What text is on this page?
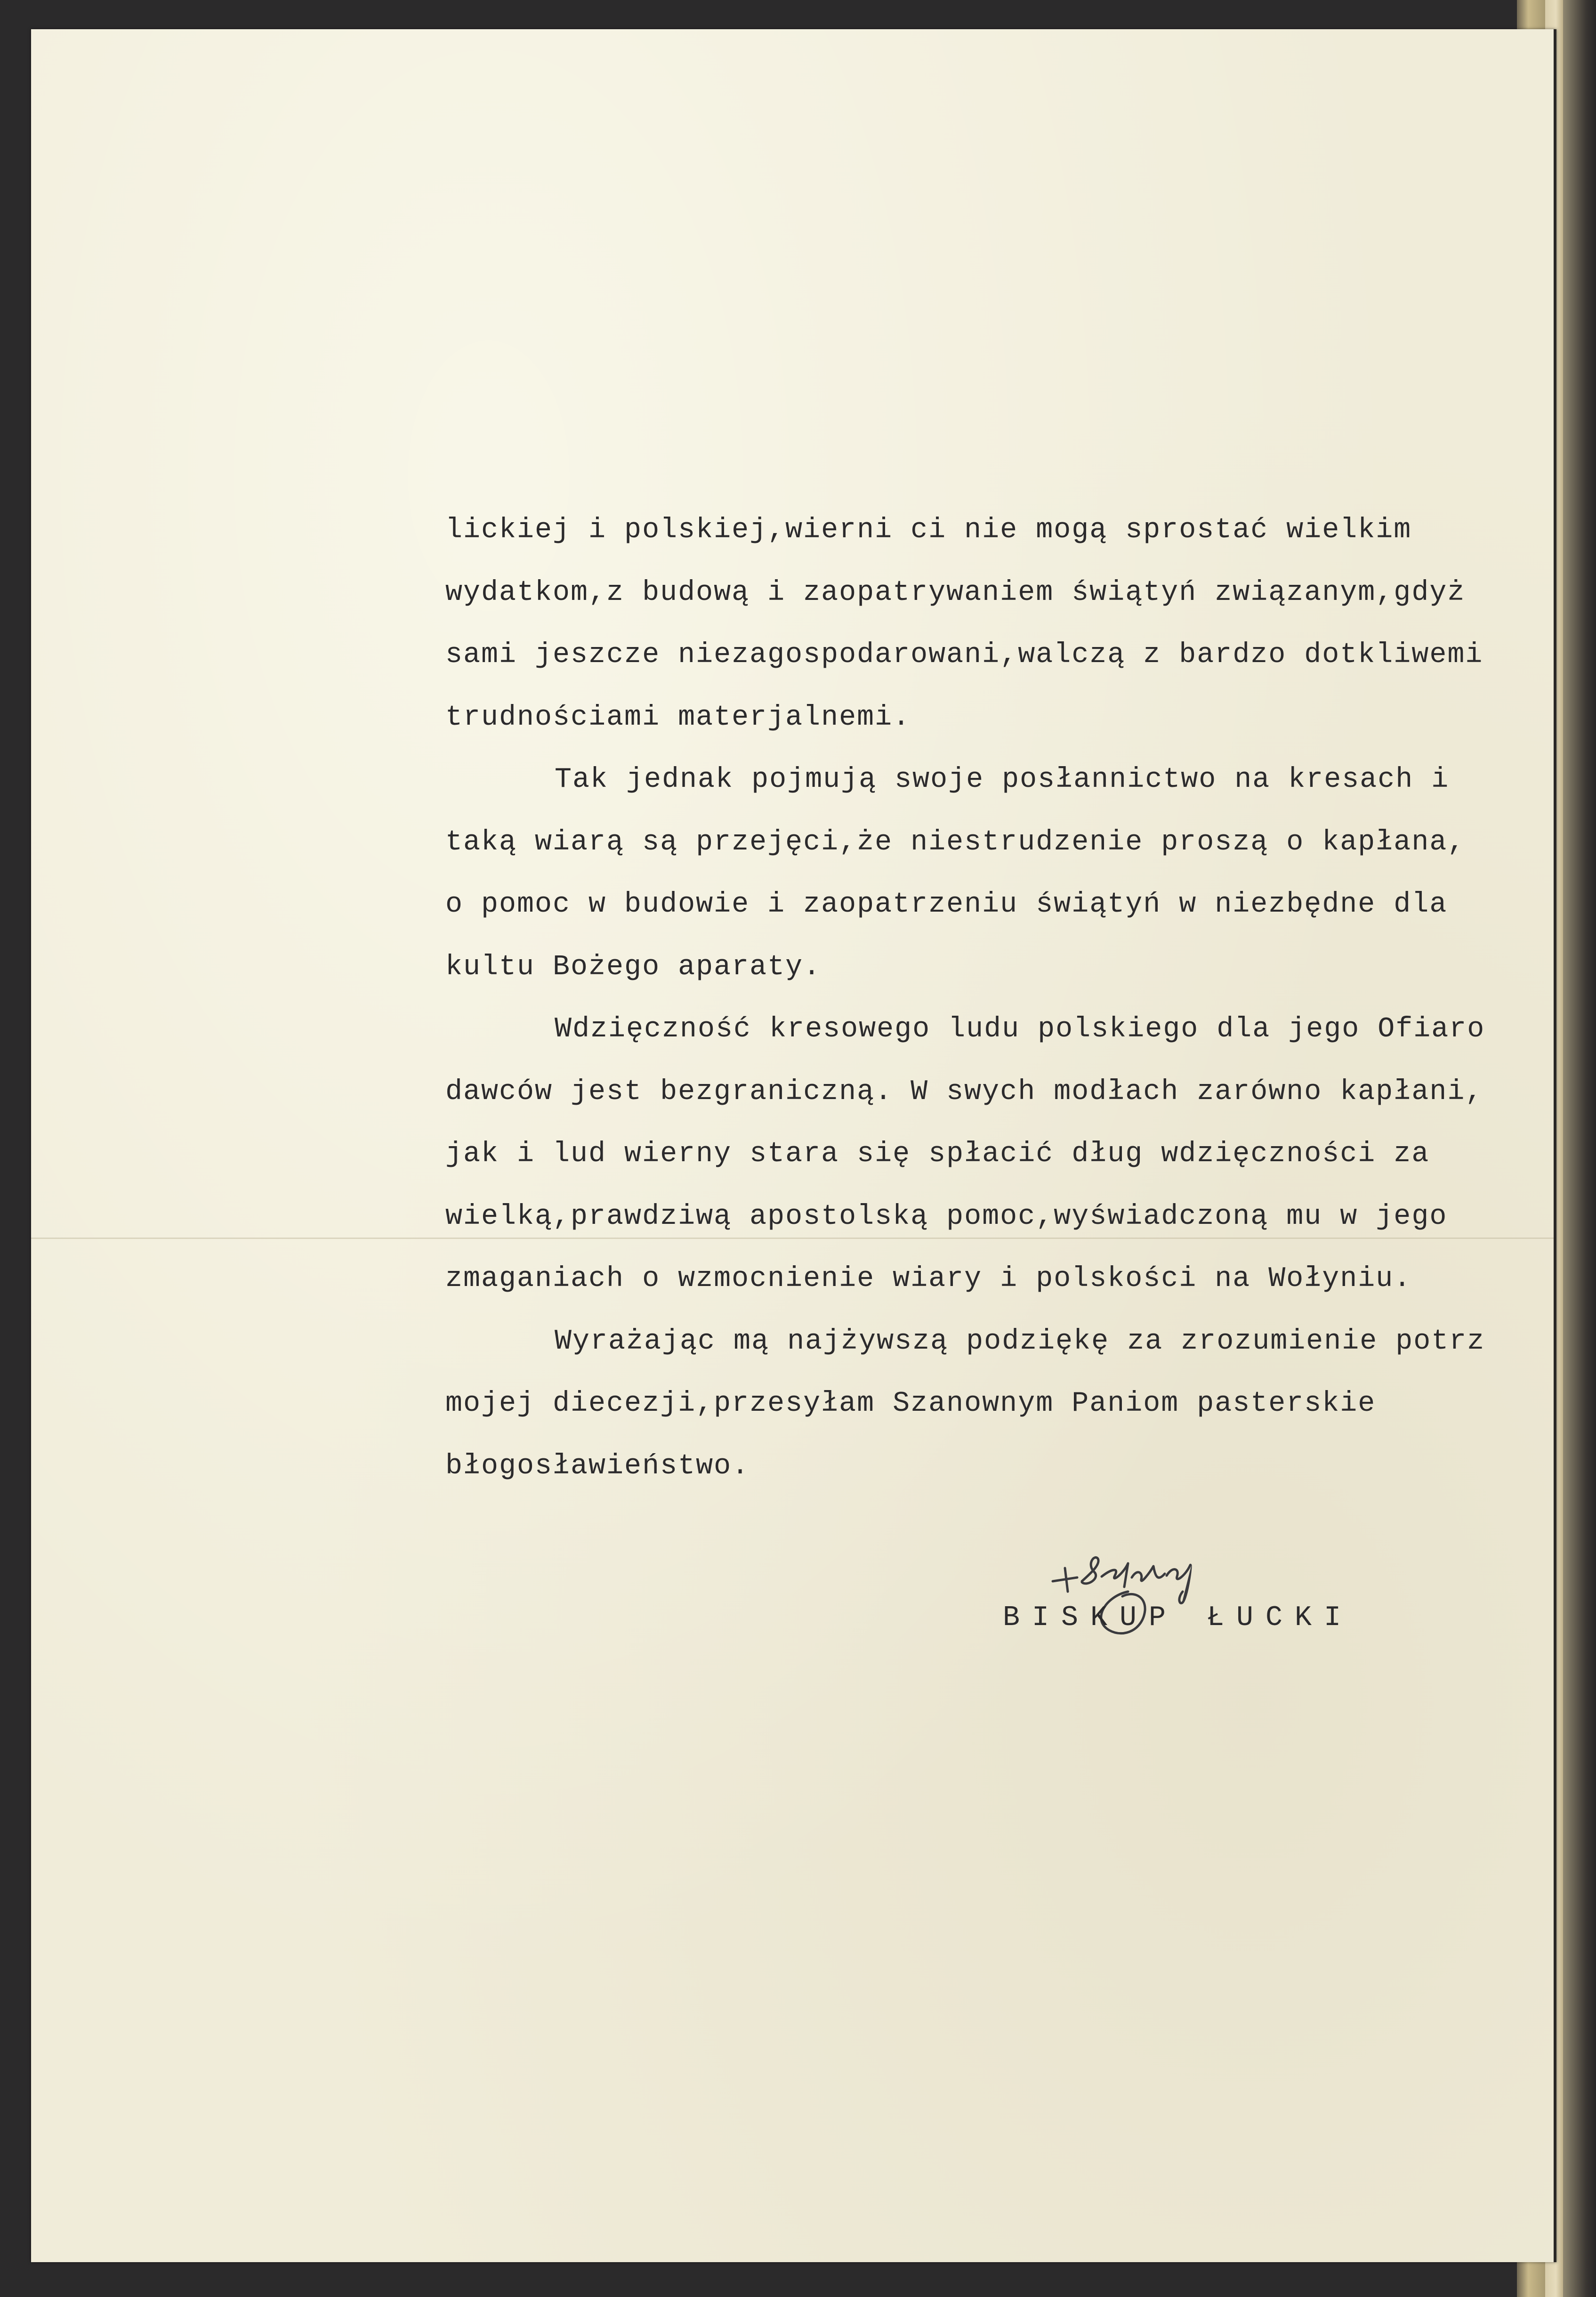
lickiej i polskiej,wierni ci nie mogą sprostać wielkim
wydatkom,z budową i zaopatrywaniem świątyń związanym,gdyż
sami jeszcze niezagospodarowani,walczą z bardzo dotkliwemi
trudnościami materjalnemi.

Tak jednak pojmują swoje posłannictwo na kresach i
taką wiarą są przejęci,że niestrudzenie proszą o kapłana,
o pomoc w budowie i zaopatrzeniu świątyń w niezbędne dla
kultu Bożego aparaty.

Wdzięczność kresowego ludu polskiego dla jego Ofiaro
dawców jest bezgraniczną. W swych modłach zarówno kapłani,
jak i lud wierny stara się spłacić dług wdzięczności za
wielką,prawdziwą apostolską pomoc,wyświadczoną mu w jego
zmaganiach o wzmocnienie wiary i polskości na Wołyniu.

Wyrażając mą najżywszą podziękę za zrozumienie potrz
mojej diecezji,przesyłam Szanownym Paniom pasterskie
błogosławieństwo.

BISKUP ŁUCKI
